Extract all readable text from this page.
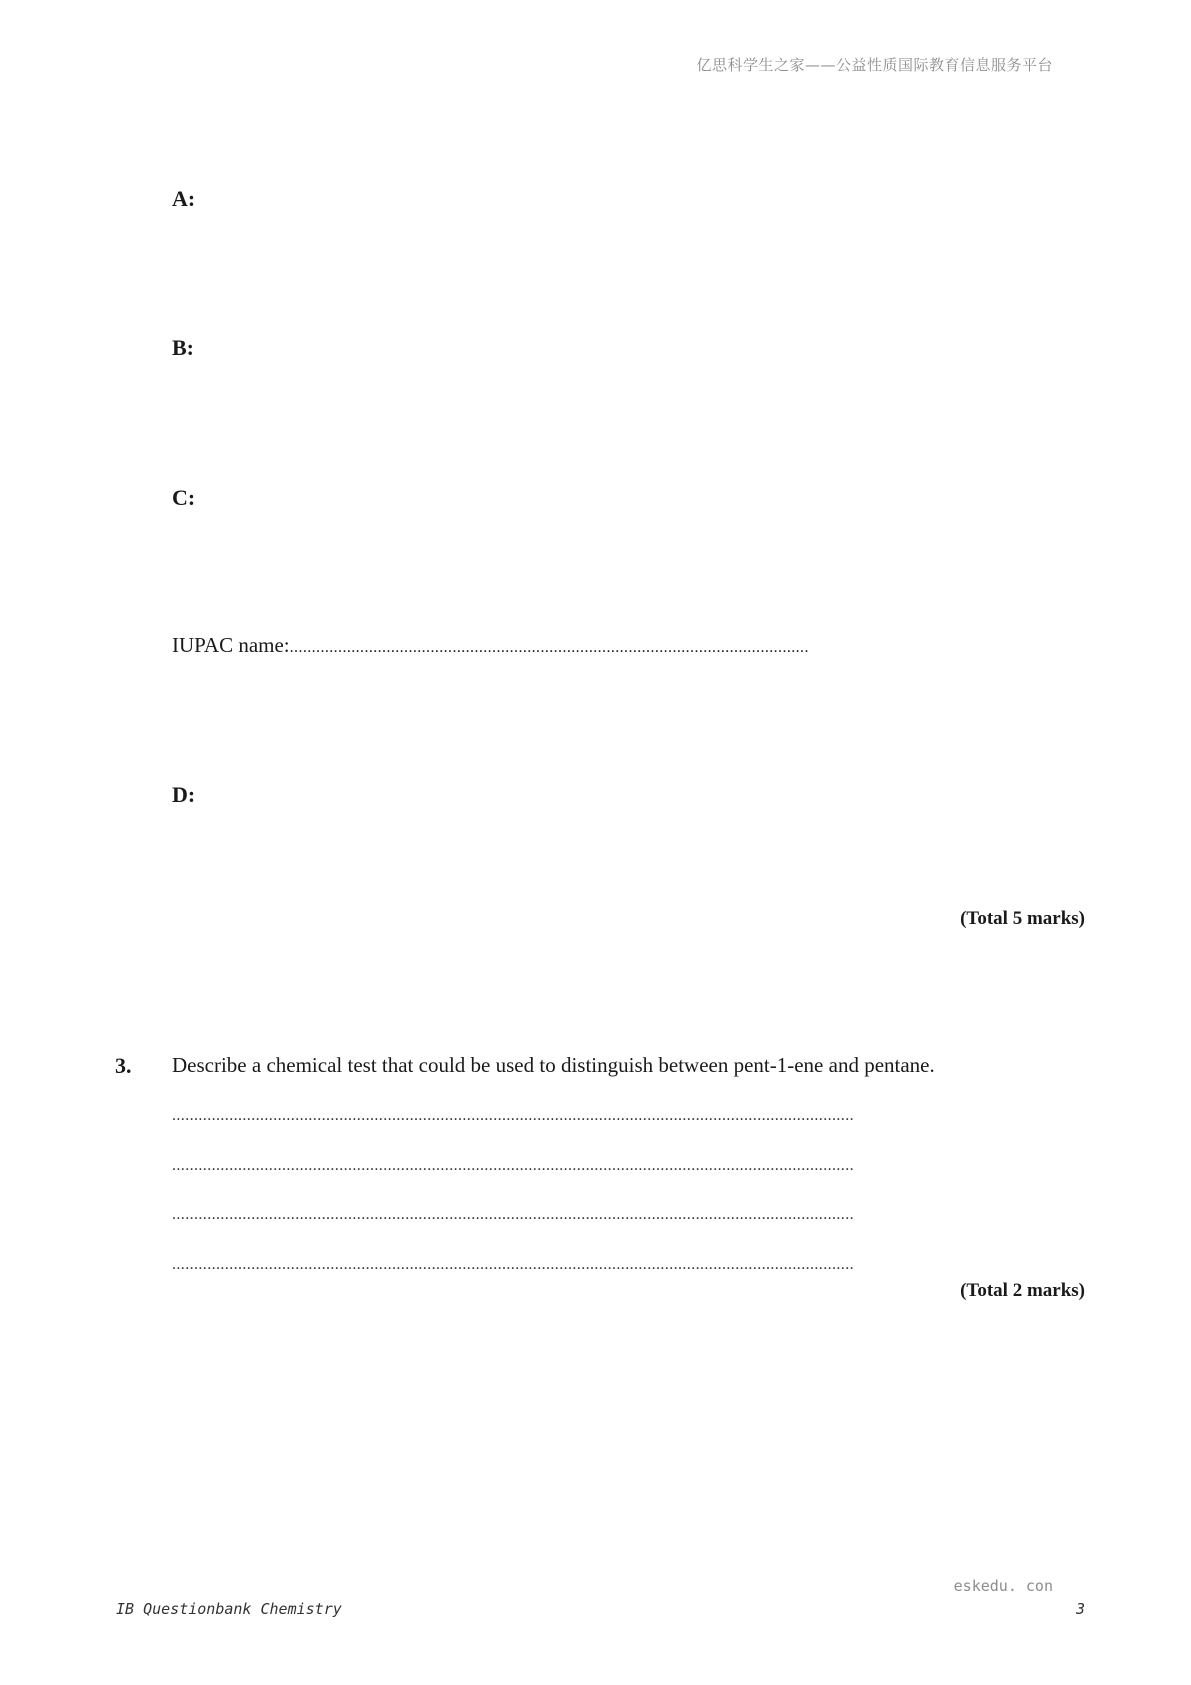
亿思科学生之家——公益性质国际教育信息服务平台
A:
B:
C:
IUPAC name:......................................................................................................................
D:
(Total 5 marks)
3. Describe a chemical test that could be used to distinguish between pent-1-ene and pentane.
...........................................................................................................................................................
...........................................................................................................................................................
...........................................................................................................................................................
...........................................................................................................................................................
(Total 2 marks)
eskedu. con
IB Questionbank Chemistry	3
